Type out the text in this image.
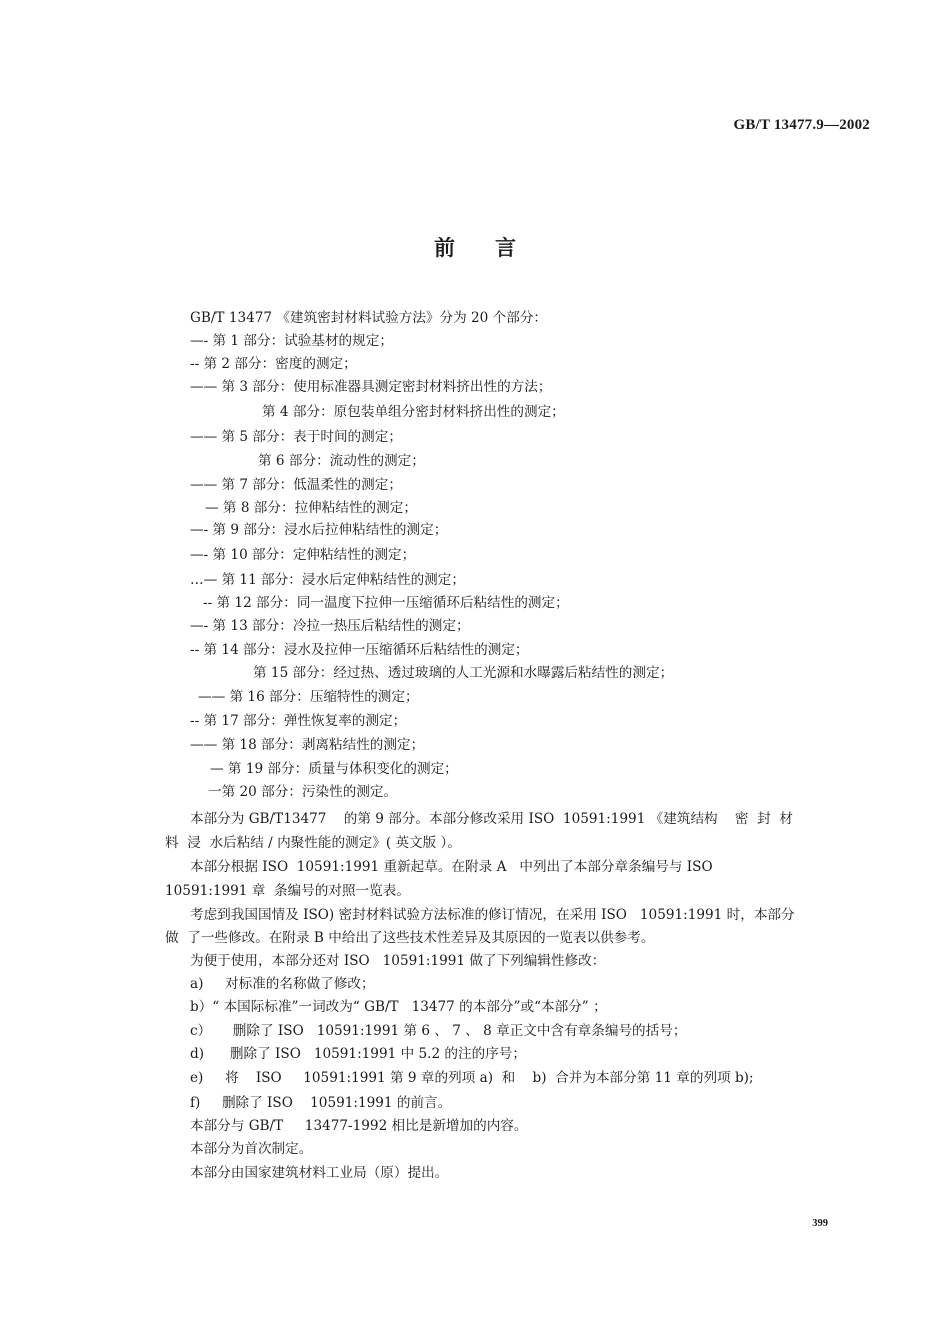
GB/T 13477.9—2002
前言
GB/T 13477 《建筑密封材料试验方法》分为 20 个部分：
—- 第 1 部分：试验基材的规定；
-- 第 2 部分：密度的测定；
—— 第 3 部分：使用标准器具测定密封材料挤出性的方法；
第 4 部分：原包装单组分密封材料挤出性的测定；
—— 第 5 部分：表于时间的测定；
第 6 部分：流动性的测定；
—— 第 7 部分：低温柔性的测定；
— 第 8 部分：拉伸粘结性的测定；
—- 第 9 部分：浸水后拉伸粘结性的测定；
—- 第 10 部分：定伸粘结性的测定；
…— 第 11 部分：浸水后定伸粘结性的测定；
-- 第 12 部分：同一温度下拉伸一压缩循环后粘结性的测定；
—- 第 13 部分：冷拉一热压后粘结性的测定；
-- 第 14 部分：浸水及拉伸一压缩循环后粘结性的测定；
第 15 部分：经过热、透过玻璃的人工光源和水曝露后粘结性的测定；
—— 第 16 部分：压缩特性的测定；
-- 第 17 部分：弹性恢复率的测定；
—— 第 18 部分：剥离粘结性的测定；
— 第 19 部分：质量与体积变化的测定；
一第 20 部分：污染性的测定。
本部分为 GB/T13477    的第 9 部分。本部分修改采用 ISO  10591:1991 《建筑结构    密  封  材
料  浸  水后粘结 / 内聚性能的测定》( 英文版 ）。
本部分根据 ISO  10591:1991 重新起草。在附录 A   中列出了本部分章条编号与 ISO
10591:1991 章  条编号的对照一览表。
考虑到我国国情及 ISO) 密封材料试验方法标准的修订情况，在采用 ISO   10591:1991 时，本部分
做  了一些修改。在附录 B 中给出了这些技术性差异及其原因的一览表以供参考。
为便于使用，本部分还对 ISO   10591:1991 做了下列编辑性修改：
a)     对标准的名称做了修改；
b）“ 本国际标准”一词改为“ GB/T   13477 的本部分”或“本部分” ；
c）     删除了 ISO   10591:1991 第 6 、 7 、 8 章正文中含有章条编号的括号；
d)      删除了 ISO   10591:1991 中 5.2 的注的序号；
e)     将    ISO     10591:1991 第 9 章的列项 a)  和    b)  合并为本部分第 11 章的列项 b);
f)     删除了 ISO    10591:1991 的前言。
本部分与 GB/T     13477-1992 相比是新增加的内容。
本部分为首次制定。
本部分由国家建筑材料工业局（原）提出。
399
